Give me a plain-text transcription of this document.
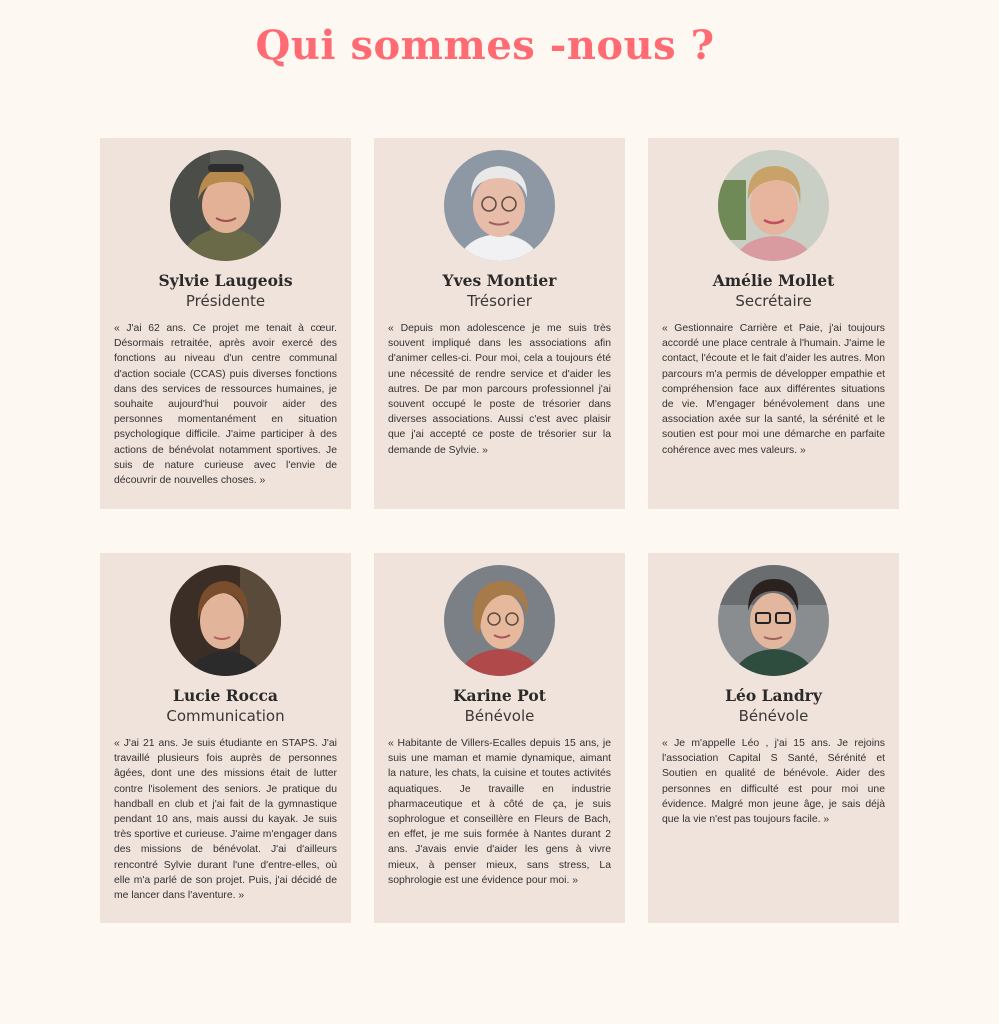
Qui sommes -nous ?
Sylvie Laugeois
Présidente
« J'ai 62 ans. Ce projet me tenait à cœur. Désormais retraitée, après avoir exercé des fonctions au niveau d'un centre communal d'action sociale (CCAS) puis diverses fonctions dans des services de ressources humaines, je souhaite aujourd'hui pouvoir aider des personnes momentanément en situation psychologique difficile. J'aime participer à des actions de bénévolat notamment sportives. Je suis de nature curieuse avec l'envie de découvrir de nouvelles choses. »
Yves Montier
Trésorier
« Depuis mon adolescence je me suis très souvent impliqué dans les associations afin d'animer celles-ci. Pour moi, cela a toujours été une nécessité de rendre service et d'aider les autres. De par mon parcours professionnel j'ai souvent occupé le poste de trésorier dans diverses associations. Aussi c'est avec plaisir que j'ai accepté ce poste de trésorier sur la demande de Sylvie. »
Amélie Mollet
Secrétaire
« Gestionnaire Carrière et Paie, j'ai toujours accordé une place centrale à l'humain. J'aime le contact, l'écoute et le fait d'aider les autres. Mon parcours m'a permis de développer empathie et compréhension face aux différentes situations de vie. M'engager bénévolement dans une association axée sur la santé, la sérénité et le soutien est pour moi une démarche en parfaite cohérence avec mes valeurs. »
Lucie Rocca
Communication
« J'ai 21 ans. Je suis étudiante en STAPS. J'ai travaillé plusieurs fois auprès de personnes âgées, dont une des missions était de lutter contre l'isolement des seniors. Je pratique du handball en club et j'ai fait de la gymnastique pendant 10 ans, mais aussi du kayak. Je suis très sportive et curieuse. J'aime m'engager dans des missions de bénévolat. J'ai d'ailleurs rencontré Sylvie durant l'une d'entre-elles, où elle m'a parlé de son projet. Puis, j'ai décidé de me lancer dans l'aventure. »
Karine Pot
Bénévole
« Habitante de Villers-Ecalles depuis 15 ans, je suis une maman et mamie dynamique, aimant la nature, les chats, la cuisine et toutes activités aquatiques. Je travaille en industrie pharmaceutique et à côté de ça, je suis sophrologue et conseillère en Fleurs de Bach, en effet, je me suis formée à Nantes durant 2 ans. J'avais envie d'aider les gens à vivre mieux, à penser mieux, sans stress, La sophrologie est une évidence pour moi. »
Léo Landry
Bénévole
« Je m'appelle Léo , j'ai 15 ans. Je rejoins l'association Capital S Santé, Sérénité et Soutien en qualité de bénévole. Aider des personnes en difficulté est pour moi une évidence. Malgré mon jeune âge, je sais déjà que la vie n'est pas toujours facile. »
